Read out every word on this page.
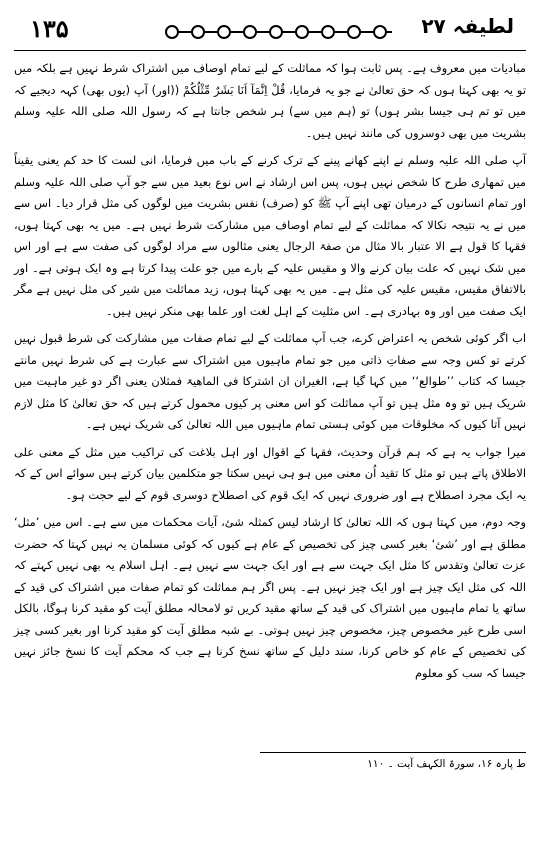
۱۳۵	لطیفہ ۲۷

مبادیات میں معروف ہے۔ پس ثابت ہوا کہ مماثلت کے لیے تمام اوصاف میں اشتراک شرط نہیں ہے بلکہ میں تو یہ بھی کہتا ہوں کہ حق تعالیٰ نے جو یہ فرمایا، قُلْ اِنَّمَآ اَنَا بَشَرٌ مِّثْلُکُمْ ((اور) آپ (یوں بھی) کہہ دیجیے کہ میں تو تم ہی جیسا بشر ہوں) تو (ہم میں سے) ہر شخص جانتا ہے کہ رسول اللہ صلی اللہ علیہ وسلم بشریت میں بھی دوسروں کی مانند نہیں ہیں۔

آپ صلی اللہ علیہ وسلم نے اپنے کھانے پینے کے ترک کرنے کے باب میں فرمایا، انی لست کا حد کم یعنی یقیناً میں تمھاری طرح کا شخص نہیں ہوں، پس اس ارشاد نے اس نوع بعید میں سے جو آپ صلی اللہ علیہ وسلم اور تمام انسانوں کے درمیان تھی اپنے آپ ﷺ کو (صرف) نفس بشریت میں لوگوں کی مثل قرار دیا۔ اس سے میں نے یہ نتیجہ نکالا کہ مماثلت کے لیے تمام اوصاف میں مشارکت شرط نہیں ہے۔ میں یہ بھی کہتا ہوں، فقہا کا قول ہے الا عتبار بالا مثال من صفۃ الرجال یعنی مثالوں سے مراد لوگوں کی صفت سے ہے اور اس میں شک نہیں کہ علت بیان کرنے والا و مقیس علیہ کے بارے میں جو علت پیدا کرتا ہے وہ ایک ہوتی ہے۔ اور بالاتفاق مقیس، مقیس علیہ کی مثل ہے۔ میں یہ بھی کہتا ہوں، زید مماثلت میں شیر کی مثل نہیں ہے مگر ایک صفت میں اور وہ بہادری ہے۔ اس مثلیت کے اہل لغت اور علما بھی منکر نہیں ہیں۔

اب اگر کوئی شخص یہ اعتراض کرے، جب آپ مماثلت کے لیے تمام صفات میں مشارکت کی شرط قبول نہیں کرتے تو کس وجہ سے صفاتِ ذاتی میں جو تمام ماہیوں میں اشتراک سے عبارت ہے کی شرط نہیں مانتے جیسا کہ کتاب ’’طوالع‘‘ میں کہا گیا ہے، الغیران ان اشترکا فی الماھیۃ فمثلان یعنی اگر دو غیر ماہیت میں شریک ہیں تو وہ مثل ہیں تو آپ مماثلت کو اس معنی پر کیوں محمول کرتے ہیں کہ حق تعالیٰ کا مثل لازم نہیں آتا کیوں کہ مخلوقات میں کوئی ہستی تمام ماہیوں میں اللہ تعالیٰ کی شریک نہیں ہے۔

میرا جواب یہ ہے کہ ہم قرآن وحدیث، فقہا کے اقوال اور اہل بلاغت کی تراکیب میں مثل کے معنی علی الاطلاق پاتے ہیں تو مثل کا تقید اُن معنی میں ہو ہی نہیں سکتا جو متکلمین بیان کرتے ہیں سوائے اس کے کہ یہ ایک مجرد اصطلاح ہے اور ضروری نہیں کہ ایک قوم کی اصطلاح دوسری قوم کے لیے حجت ہو۔

وجہ دوم، میں کہتا ہوں کہ اللہ تعالیٰ کا ارشاد لیس کمثلہ شیٔ، آیات محکمات میں سے ہے۔ اس میں ’مثل‘ مطلق ہے اور ’شیٔ‘ بغیر کسی چیز کی تخصیص کے عام ہے کیوں کہ کوئی مسلمان یہ نہیں کہتا کہ حضرت عزت تعالیٰ وتقدس کا مثل ایک جہت سے ہے اور ایک جہت سے نہیں ہے۔ اہل اسلام یہ بھی نہیں کہتے کہ اللہ کی مثل ایک چیز ہے اور ایک چیز نہیں ہے۔ پس اگر ہم مماثلت کو تمام صفات میں اشتراک کی قید کے ساتھ یا تمام ماہیوں میں اشتراک کی قید کے ساتھ مقید کریں تو لامحالہ مطلق آیت کو مقید کرنا ہوگا، بالکل اسی طرح غیر مخصوص چیز، مخصوص چیز نہیں ہوتی۔ بے شبہ مطلق آیت کو مقید کرنا اور بغیر کسی چیز کی تخصیص کے عام کو خاص کرنا، سند دلیل کے ساتھ نسخ کرنا ہے جب کہ محکم آیت کا نسخ جائز نہیں جیسا کہ سب کو معلوم

ط پارہ ۱۶، سورۃ الکہف آیت ۔ ۱۱۰
